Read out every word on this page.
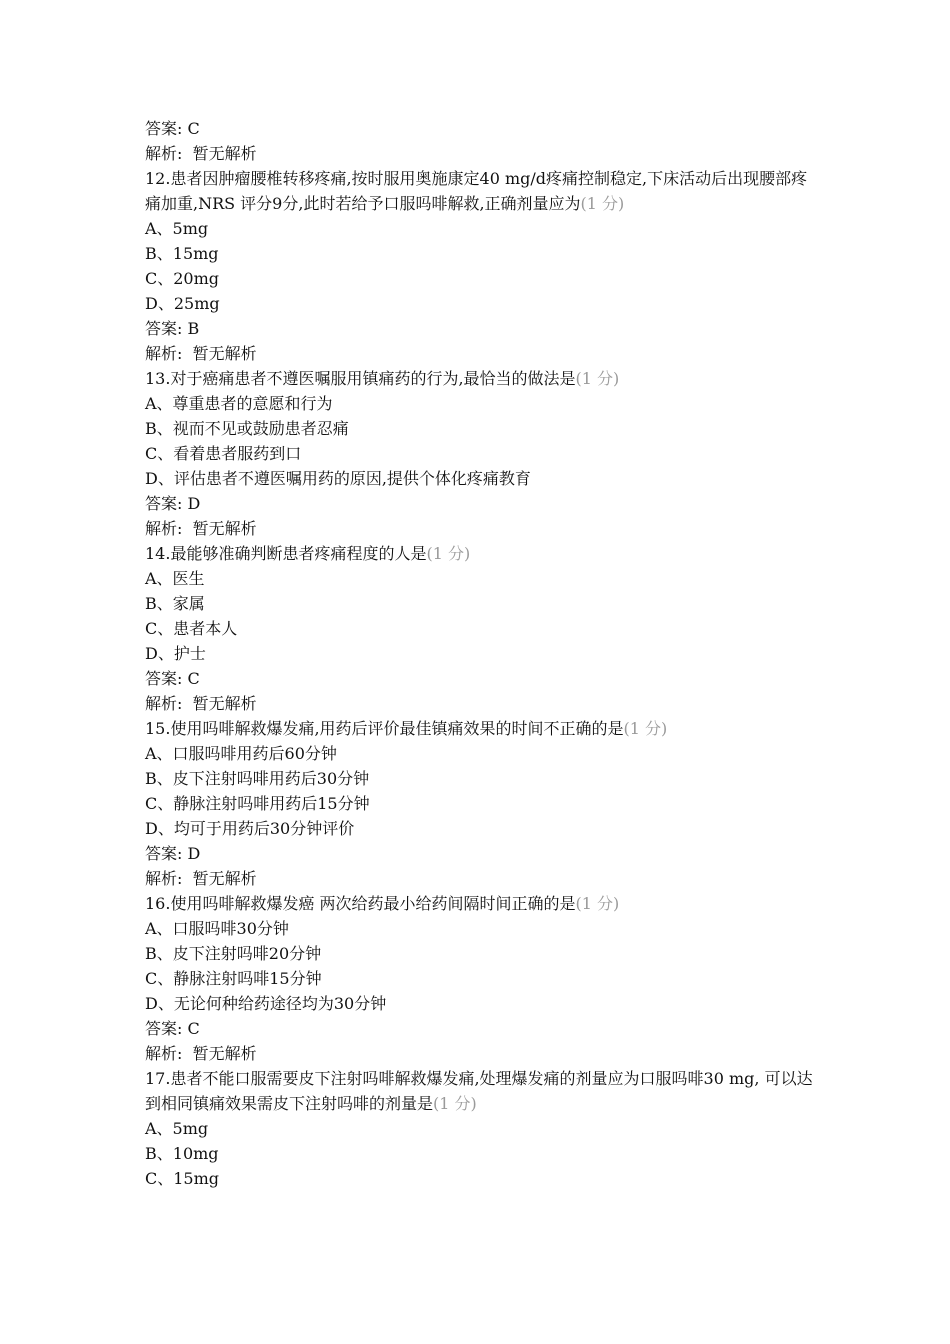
答案: C
解析:  暂无解析
12.患者因肿瘤腰椎转移疼痛,按时服用奥施康定40 mg/d疼痛控制稳定,下床活动后出现腰部疼痛加重,NRS 评分9分,此时若给予口服吗啡解救,正确剂量应为(1 分)
A、5mg
B、15mg
C、20mg
D、25mg
答案: B
解析:  暂无解析
13.对于癌痛患者不遵医嘱服用镇痛药的行为,最恰当的做法是(1 分)
A、尊重患者的意愿和行为
B、视而不见或鼓励患者忍痛
C、看着患者服药到口
D、评估患者不遵医嘱用药的原因,提供个体化疼痛教育
答案: D
解析:  暂无解析
14.最能够准确判断患者疼痛程度的人是(1 分)
A、医生
B、家属
C、患者本人
D、护士
答案: C
解析:  暂无解析
15.使用吗啡解救爆发痛,用药后评价最佳镇痛效果的时间不正确的是(1 分)
A、口服吗啡用药后60分钟
B、皮下注射吗啡用药后30分钟
C、静脉注射吗啡用药后15分钟
D、均可于用药后30分钟评价
答案: D
解析:  暂无解析
16.使用吗啡解救爆发癌 两次给药最小给药间隔时间正确的是(1 分)
A、口服吗啡30分钟
B、皮下注射吗啡20分钟
C、静脉注射吗啡15分钟
D、无论何种给药途径均为30分钟
答案: C
解析:  暂无解析
17.患者不能口服需要皮下注射吗啡解救爆发痛,处理爆发痛的剂量应为口服吗啡30 mg, 可以达到相同镇痛效果需皮下注射吗啡的剂量是(1 分)
A、5mg
B、10mg
C、15mg
